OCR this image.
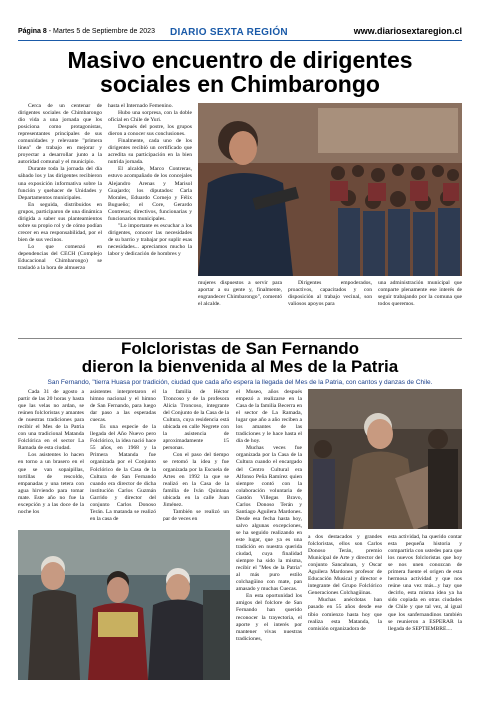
Página 8 - Martes 5 de Septiembre de 2023 DIARIO SEXTA REGIÓN	www.diariosextaregion.cl
Masivo encuentro de dirigentes
sociales en Chimbarongo

Cerca de un centenar de dirigentes sociales de Chimbarongo dio vida a una jornada que los posiciona como protagonistas, representantes principales de sus comunidades y relevante "primera línea" de trabajo en mejorar y proyectar a desarrollar junto a la autoridad comunal y el municipio.

Durante toda la jornada del día sábado los y las dirigentes recibieron una exposición informativa sobre la función y quehacer de Unidades y Departamentos municipales.

En seguida, distribuidos en grupos, participaron de una dinámica dirigida a saber sus planteamientos sobre su propio rol y de cómo podían crecer en esa responsabilidad, por el bien de sus vecinos.

Lo que comenzó en dependencias del CECH (Complejo Educacional Chimbarongo) se trasladó a la hora de almuerzo

hasta el Internado Femenino.

Hubo una sorpresa, con la doble oficial en Chile de Yuri.

Después del postre, los grupos dieron a conocer sus conclusiones.

Finalmente, cada uno de los dirigentes recibió un certificado que acredita su participación en la bien nutrida jornada.

El alcalde, Marco Contreras, estuvo acompañado de los concejales Alejandro Arenas y Marisol Guajardo; los diputados: Carla Morales, Eduardo Cornejo y Félix Bugueño; el Core, Gerardo Contreras; directivos, funcionarias y funcionarios municipales.

"Lo importante es escuchar a los dirigentes, conocer las necesidades de su barrio y trabajar por suplir esas necesidades... apreciamos mucho la labor y dedicación de hombres y

mujeres dispuestos a servir para aportar a su gente y, finalmente, engrandecer Chimbarongo", comentó el alcalde.

Dirigentes empoderados, proactivos, capacitados y con disposición al trabajo vecinal, son valiosos apoyos para

una administración municipal que comparte plenamente ese interés de seguir trabajando por la comuna que todos queremos.

Folcloristas de San Fernando
dieron la bienvenida al Mes de la Patria
San Fernando, "tierra Huasa por tradición, ciudad que cada año espera la llegada del Mes de la Patria, con cantos y danzas de Chile.

Cada 31 de agosto a partir de las 20 horas y hasta que las velas no ardan, se reúnen folcloristas y amantes de nuestras tradiciones para recibir el Mes de la Patria con una tradicional Matanda Folclórica en el sector La Ramada de esta ciudad.

Los asistentes lo hacen en torno a un brasero en el que se van sopaipillas, tortillas de rescoldo, empanadas y una tetera con agua hirviendo para tomar mate. Este año no fue la excepción y a las doce de la noche los

asistentes interpretaron el himno nacional y el himno de San Fernando, para luego dar paso a las esperadas cuecas.

Es una especie de la llegada del Año Nuevo pero Folclórico, la idea nació hace 55 años, en 1968 y la Primera Matanda fue organizada por el Conjunto Folclórico de la Casa de la Cultura de San Fernando cuando era director de dicha institución Carlos Guzmán Garrido y director del conjunto Carlos Donoso Terán. La matanda se realizó en la casa de

la familia de Héctor Troncoso y de la profesora Alicia Troncoso, integrante del Conjunto de la Casa de la Cultura, cuya residencia está ubicada en calle Negrete con la asistencia de aproximadamente 15 personas.

Con el paso del tiempo se retomó la idea y fue organizada por la Escuela de Artes en 1992 la que se realizó en la Casa de la familia de Iván Quintana ubicada en la calle Juan Jiménez.

También se realizó un par de veces en

el Museo, años después empezó a realizarse en la Casa de la familia Becerra en el sector de La Ramada, lugar que año a año reciben a los amantes de las tradiciones y le hace hasta el día de hoy.

Muchas veces fue organizada por la Casa de la Cultura cuando el encargado del Centro Cultural era Alfonso Peña Ramírez quien siempre contó con la colaboración voluntaria de Gastón Villegas Bravo, Carlos Donoso Terán y Santiago Aguilera Mardones. Desde esa fecha hasta hoy, salvo algunas excepciones, se ha seguido realizando en este lugar, que ya es una tradición en nuestra querida ciudad, cuya finalidad siempre ha sido la misma, recibir el "Mes de la Patria" al más puro estilo colchagüino con mate, pan amasado y muchas Cuecas.

En esta oportunidad los amigos del folclore de San Fernando han querido reconocer la trayectoria, el aporte y el interés por mantener vivas nuestras tradiciones,

a dos destacados y grandes folcloristas, ellos son Carlos Donoso Terán, premio Municipal de Arte y director del conjunto Sancahuan, y Oscar Aguilera Mardones profesor de Educación Musical y director e integrante del Grupo Folclórico Generaciones Colchagüinas.

Muchas anécdotas han pasado en 55 años desde ese tibio comienzo hasta hoy que realiza esta Matanda, la comisión organizadora de

esta actividad, ha querido contar esta pequeña historia y compartirla con ustedes para que los nuevos folcloristas que hoy se nos unen conozcan de primera fuente el origen de esta hermosa actividad y que nos reúne una vez más...y hay que decirlo, esta misma idea ya ha sido copiada en otras ciudades de Chile y que tal vez, al igual que los sanfernandinos también se reunieron a ESPERAR la llegada de SEPTIEMBRE....
